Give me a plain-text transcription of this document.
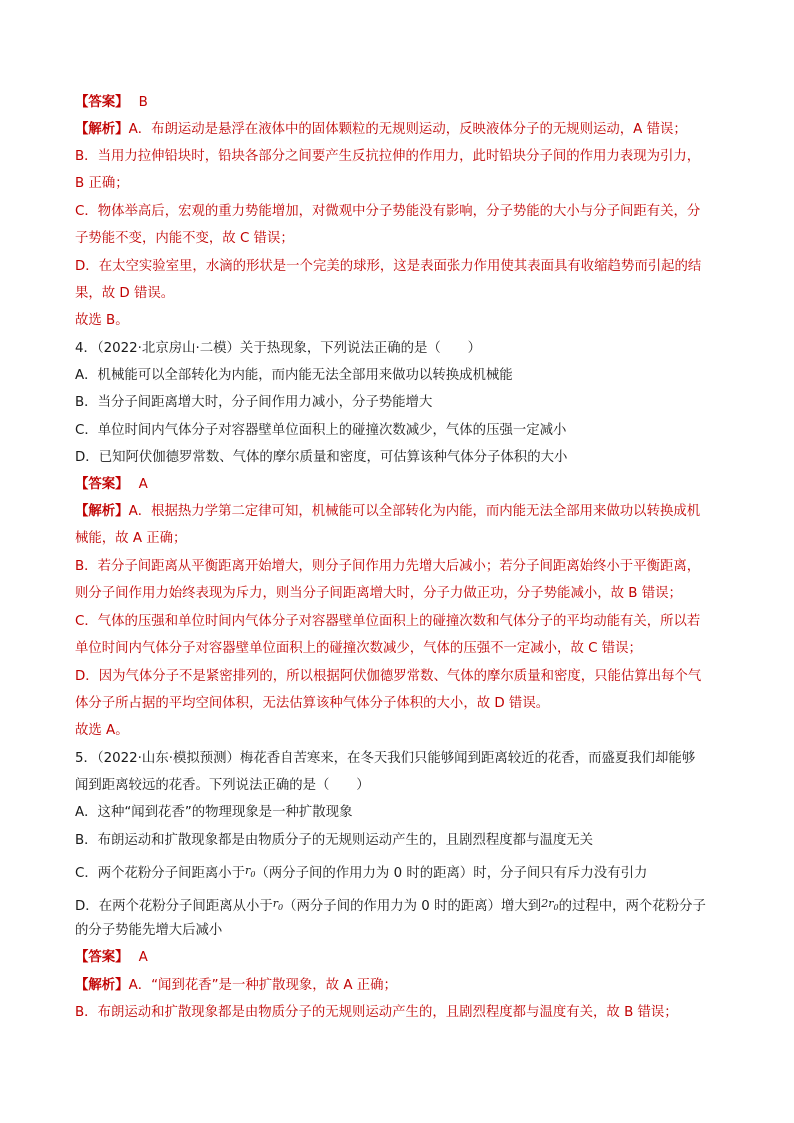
【答案】 B
【解析】A．布朗运动是悬浮在液体中的固体颗粒的无规则运动，反映液体分子的无规则运动，A 错误；
B．当用力拉伸铅块时，铅块各部分之间要产生反抗拉伸的作用力，此时铅块分子间的作用力表现为引力，
B 正确；
C．物体举高后，宏观的重力势能增加，对微观中分子势能没有影响，分子势能的大小与分子间距有关，分
子势能不变，内能不变，故 C 错误；
D．在太空实验室里，水滴的形状是一个完美的球形，这是表面张力作用使其表面具有收缩趋势而引起的结
果，故 D 错误。
故选 B。
4．（2022·北京房山·二模）关于热现象，下列说法正确的是（　　）
A．机械能可以全部转化为内能，而内能无法全部用来做功以转换成机械能
B．当分子间距离增大时，分子间作用力减小，分子势能增大
C．单位时间内气体分子对容器壁单位面积上的碰撞次数减少，气体的压强一定减小
D．已知阿伏伽德罗常数、气体的摩尔质量和密度，可估算该种气体分子体积的大小
【答案】 A
【解析】A．根据热力学第二定律可知，机械能可以全部转化为内能，而内能无法全部用来做功以转换成机
械能，故 A 正确；
B．若分子间距离从平衡距离开始增大，则分子间作用力先增大后减小；若分子间距离始终小于平衡距离，
则分子间作用力始终表现为斥力，则当分子间距离增大时，分子力做正功，分子势能减小，故 B 错误；
C．气体的压强和单位时间内气体分子对容器壁单位面积上的碰撞次数和气体分子的平均动能有关，所以若
单位时间内气体分子对容器壁单位面积上的碰撞次数减少，气体的压强不一定减小，故 C 错误；
D．因为气体分子不是紧密排列的，所以根据阿伏伽德罗常数、气体的摩尔质量和密度，只能估算出每个气
体分子所占据的平均空间体积，无法估算该种气体分子体积的大小，故 D 错误。
故选 A。
5．（2022·山东·模拟预测）梅花香自苦寒来，在冬天我们只能够闻到距离较近的花香，而盛夏我们却能够
闻到距离较远的花香。下列说法正确的是（　　）
A．这种“闻到花香”的物理现象是一种扩散现象
B．布朗运动和扩散现象都是由物质分子的无规则运动产生的，且剧烈程度都与温度无关
C．两个花粉分子间距离小于$^{r_0}$（两分子间的作用力为 0 时的距离）时，分子间只有斥力没有引力
D．在两个花粉分子间距离从小于$^{r_0}$（两分子间的作用力为 0 时的距离）增大到$^{2r_0}$的过程中，两个花粉分子
的分子势能先增大后减小
【答案】 A
【解析】A．“闻到花香”是一种扩散现象，故 A 正确；
B．布朗运动和扩散现象都是由物质分子的无规则运动产生的，且剧烈程度都与温度有关，故 B 错误；
